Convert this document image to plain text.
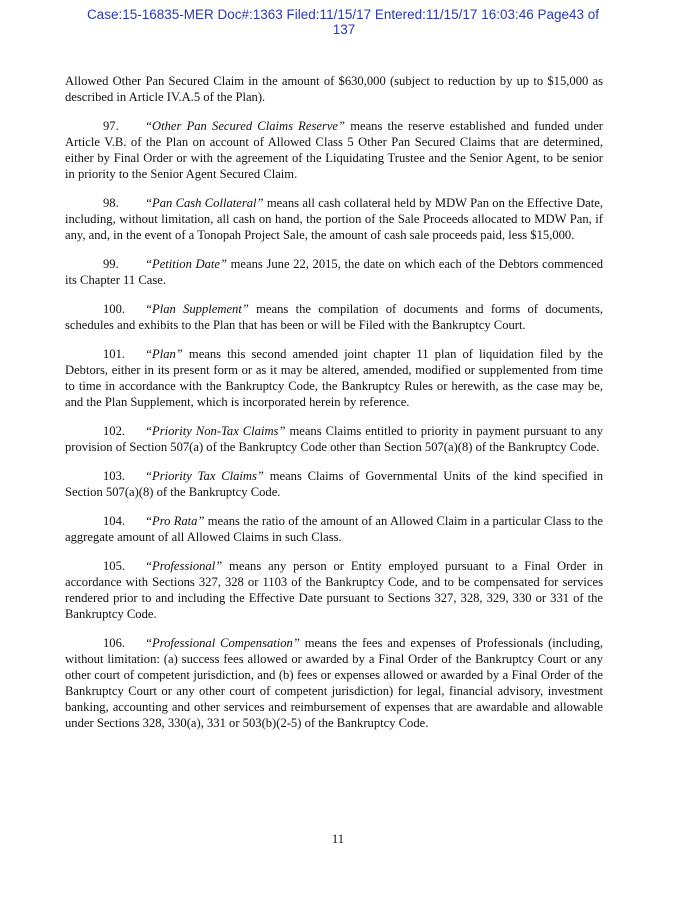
Case:15-16835-MER Doc#:1363 Filed:11/15/17 Entered:11/15/17 16:03:46 Page43 of
137

Allowed Other Pan Secured Claim in the amount of $630,000 (subject to reduction by up to $15,000 as described in Article IV.A.5 of the Plan).

97. “Other Pan Secured Claims Reserve” means the reserve established and funded under Article V.B. of the Plan on account of Allowed Class 5 Other Pan Secured Claims that are determined, either by Final Order or with the agreement of the Liquidating Trustee and the Senior Agent, to be senior in priority to the Senior Agent Secured Claim.

98. “Pan Cash Collateral” means all cash collateral held by MDW Pan on the Effective Date, including, without limitation, all cash on hand, the portion of the Sale Proceeds allocated to MDW Pan, if any, and, in the event of a Tonopah Project Sale, the amount of cash sale proceeds paid, less $15,000.

99. “Petition Date” means June 22, 2015, the date on which each of the Debtors commenced its Chapter 11 Case.

100. “Plan Supplement” means the compilation of documents and forms of documents, schedules and exhibits to the Plan that has been or will be Filed with the Bankruptcy Court.

101. “Plan” means this second amended joint chapter 11 plan of liquidation filed by the Debtors, either in its present form or as it may be altered, amended, modified or supplemented from time to time in accordance with the Bankruptcy Code, the Bankruptcy Rules or herewith, as the case may be, and the Plan Supplement, which is incorporated herein by reference.

102. “Priority Non-Tax Claims” means Claims entitled to priority in payment pursuant to any provision of Section 507(a) of the Bankruptcy Code other than Section 507(a)(8) of the Bankruptcy Code.

103. “Priority Tax Claims” means Claims of Governmental Units of the kind specified in Section 507(a)(8) of the Bankruptcy Code.

104. “Pro Rata” means the ratio of the amount of an Allowed Claim in a particular Class to the aggregate amount of all Allowed Claims in such Class.

105. “Professional” means any person or Entity employed pursuant to a Final Order in accordance with Sections 327, 328 or 1103 of the Bankruptcy Code, and to be compensated for services rendered prior to and including the Effective Date pursuant to Sections 327, 328, 329, 330 or 331 of the Bankruptcy Code.

106. “Professional Compensation” means the fees and expenses of Professionals (including, without limitation: (a) success fees allowed or awarded by a Final Order of the Bankruptcy Court or any other court of competent jurisdiction, and (b) fees or expenses allowed or awarded by a Final Order of the Bankruptcy Court or any other court of competent jurisdiction) for legal, financial advisory, investment banking, accounting and other services and reimbursement of expenses that are awardable and allowable under Sections 328, 330(a), 331 or 503(b)(2-5) of the Bankruptcy Code.

11
